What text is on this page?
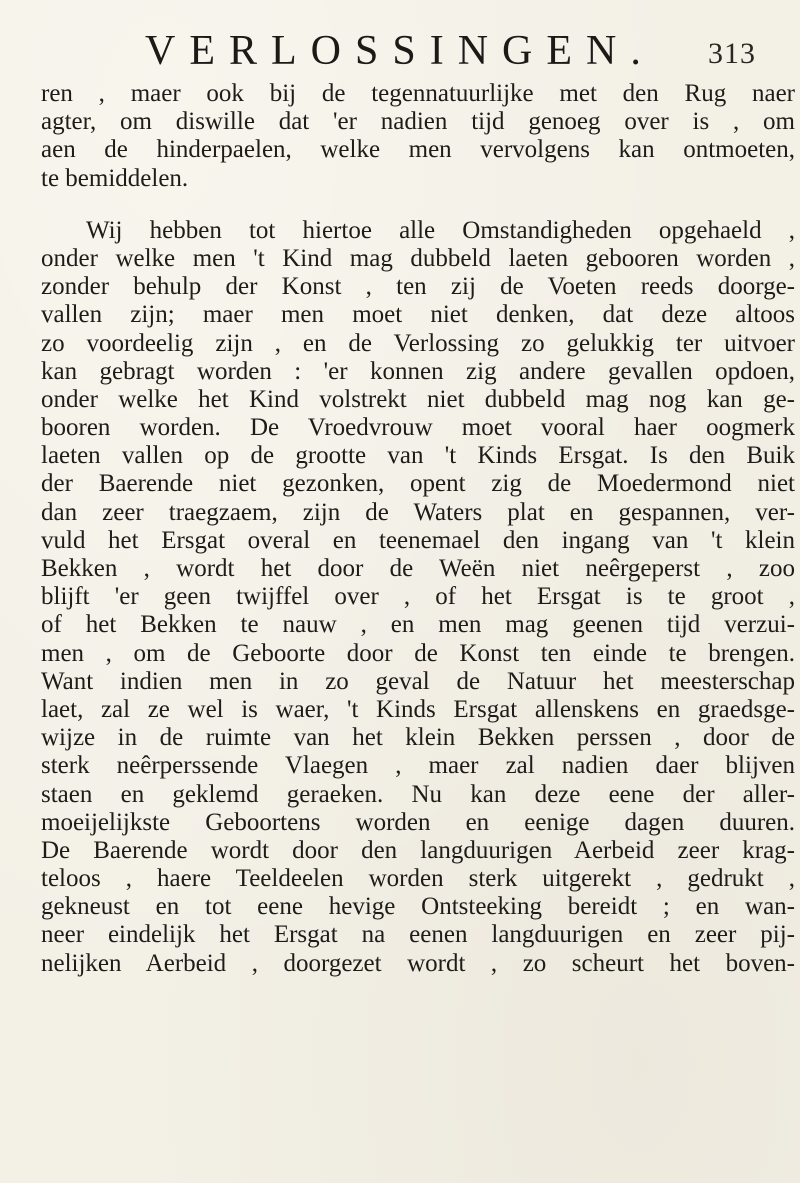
VERLOSSINGEN. 313
ren , maer ook bij de tegennatuurlijke met den Rug naer
agter, om diswille dat 'er nadien tijd genoeg over is , om
aen de hinderpaelen, welke men vervolgens kan ontmoeten,
te bemiddelen.
Wij hebben tot hiertoe alle Omstandigheden opgehaeld ,
onder welke men 't Kind mag dubbeld laeten gebooren worden ,
zonder behulp der Konst , ten zij de Voeten reeds doorge-
vallen zijn; maer men moet niet denken, dat deze altoos
zo voordeelig zijn , en de Verlossing zo gelukkig ter uitvoer
kan gebragt worden : 'er konnen zig andere gevallen opdoen,
onder welke het Kind volstrekt niet dubbeld mag nog kan ge-
booren worden. De Vroedvrouw moet vooral haer oogmerk
laeten vallen op de grootte van 't Kinds Ersgat. Is den Buik
der Baerende niet gezonken, opent zig de Moedermond niet
dan zeer traegzaem, zijn de Waters plat en gespannen, ver-
vuld het Ersgat overal en teenemael den ingang van 't klein
Bekken , wordt het door de Weën niet neêrgeperst , zoo
blijft 'er geen twijffel over , of het Ersgat is te groot ,
of het Bekken te nauw , en men mag geenen tijd verzui-
men , om de Geboorte door de Konst ten einde te brengen.
Want indien men in zo geval de Natuur het meesterschap
laet, zal ze wel is waer, 't Kinds Ersgat allenskens en graedsge-
wijze in de ruimte van het klein Bekken perssen , door de
sterk neêrperssende Vlaegen , maer zal nadien daer blijven
staen en geklemd geraeken. Nu kan deze eene der aller-
moeijelijkste Geboortens worden en eenige dagen duuren.
De Baerende wordt door den langduurigen Aerbeid zeer krag-
teloos , haere Teeldeelen worden sterk uitgerekt , gedrukt ,
gekneust en tot eene hevige Ontsteeking bereidt ; en wan-
neer eindelijk het Ersgat na eenen langduurigen en zeer pij-
nelijken Aerbeid , doorgezet wordt , zo scheurt het boven-
